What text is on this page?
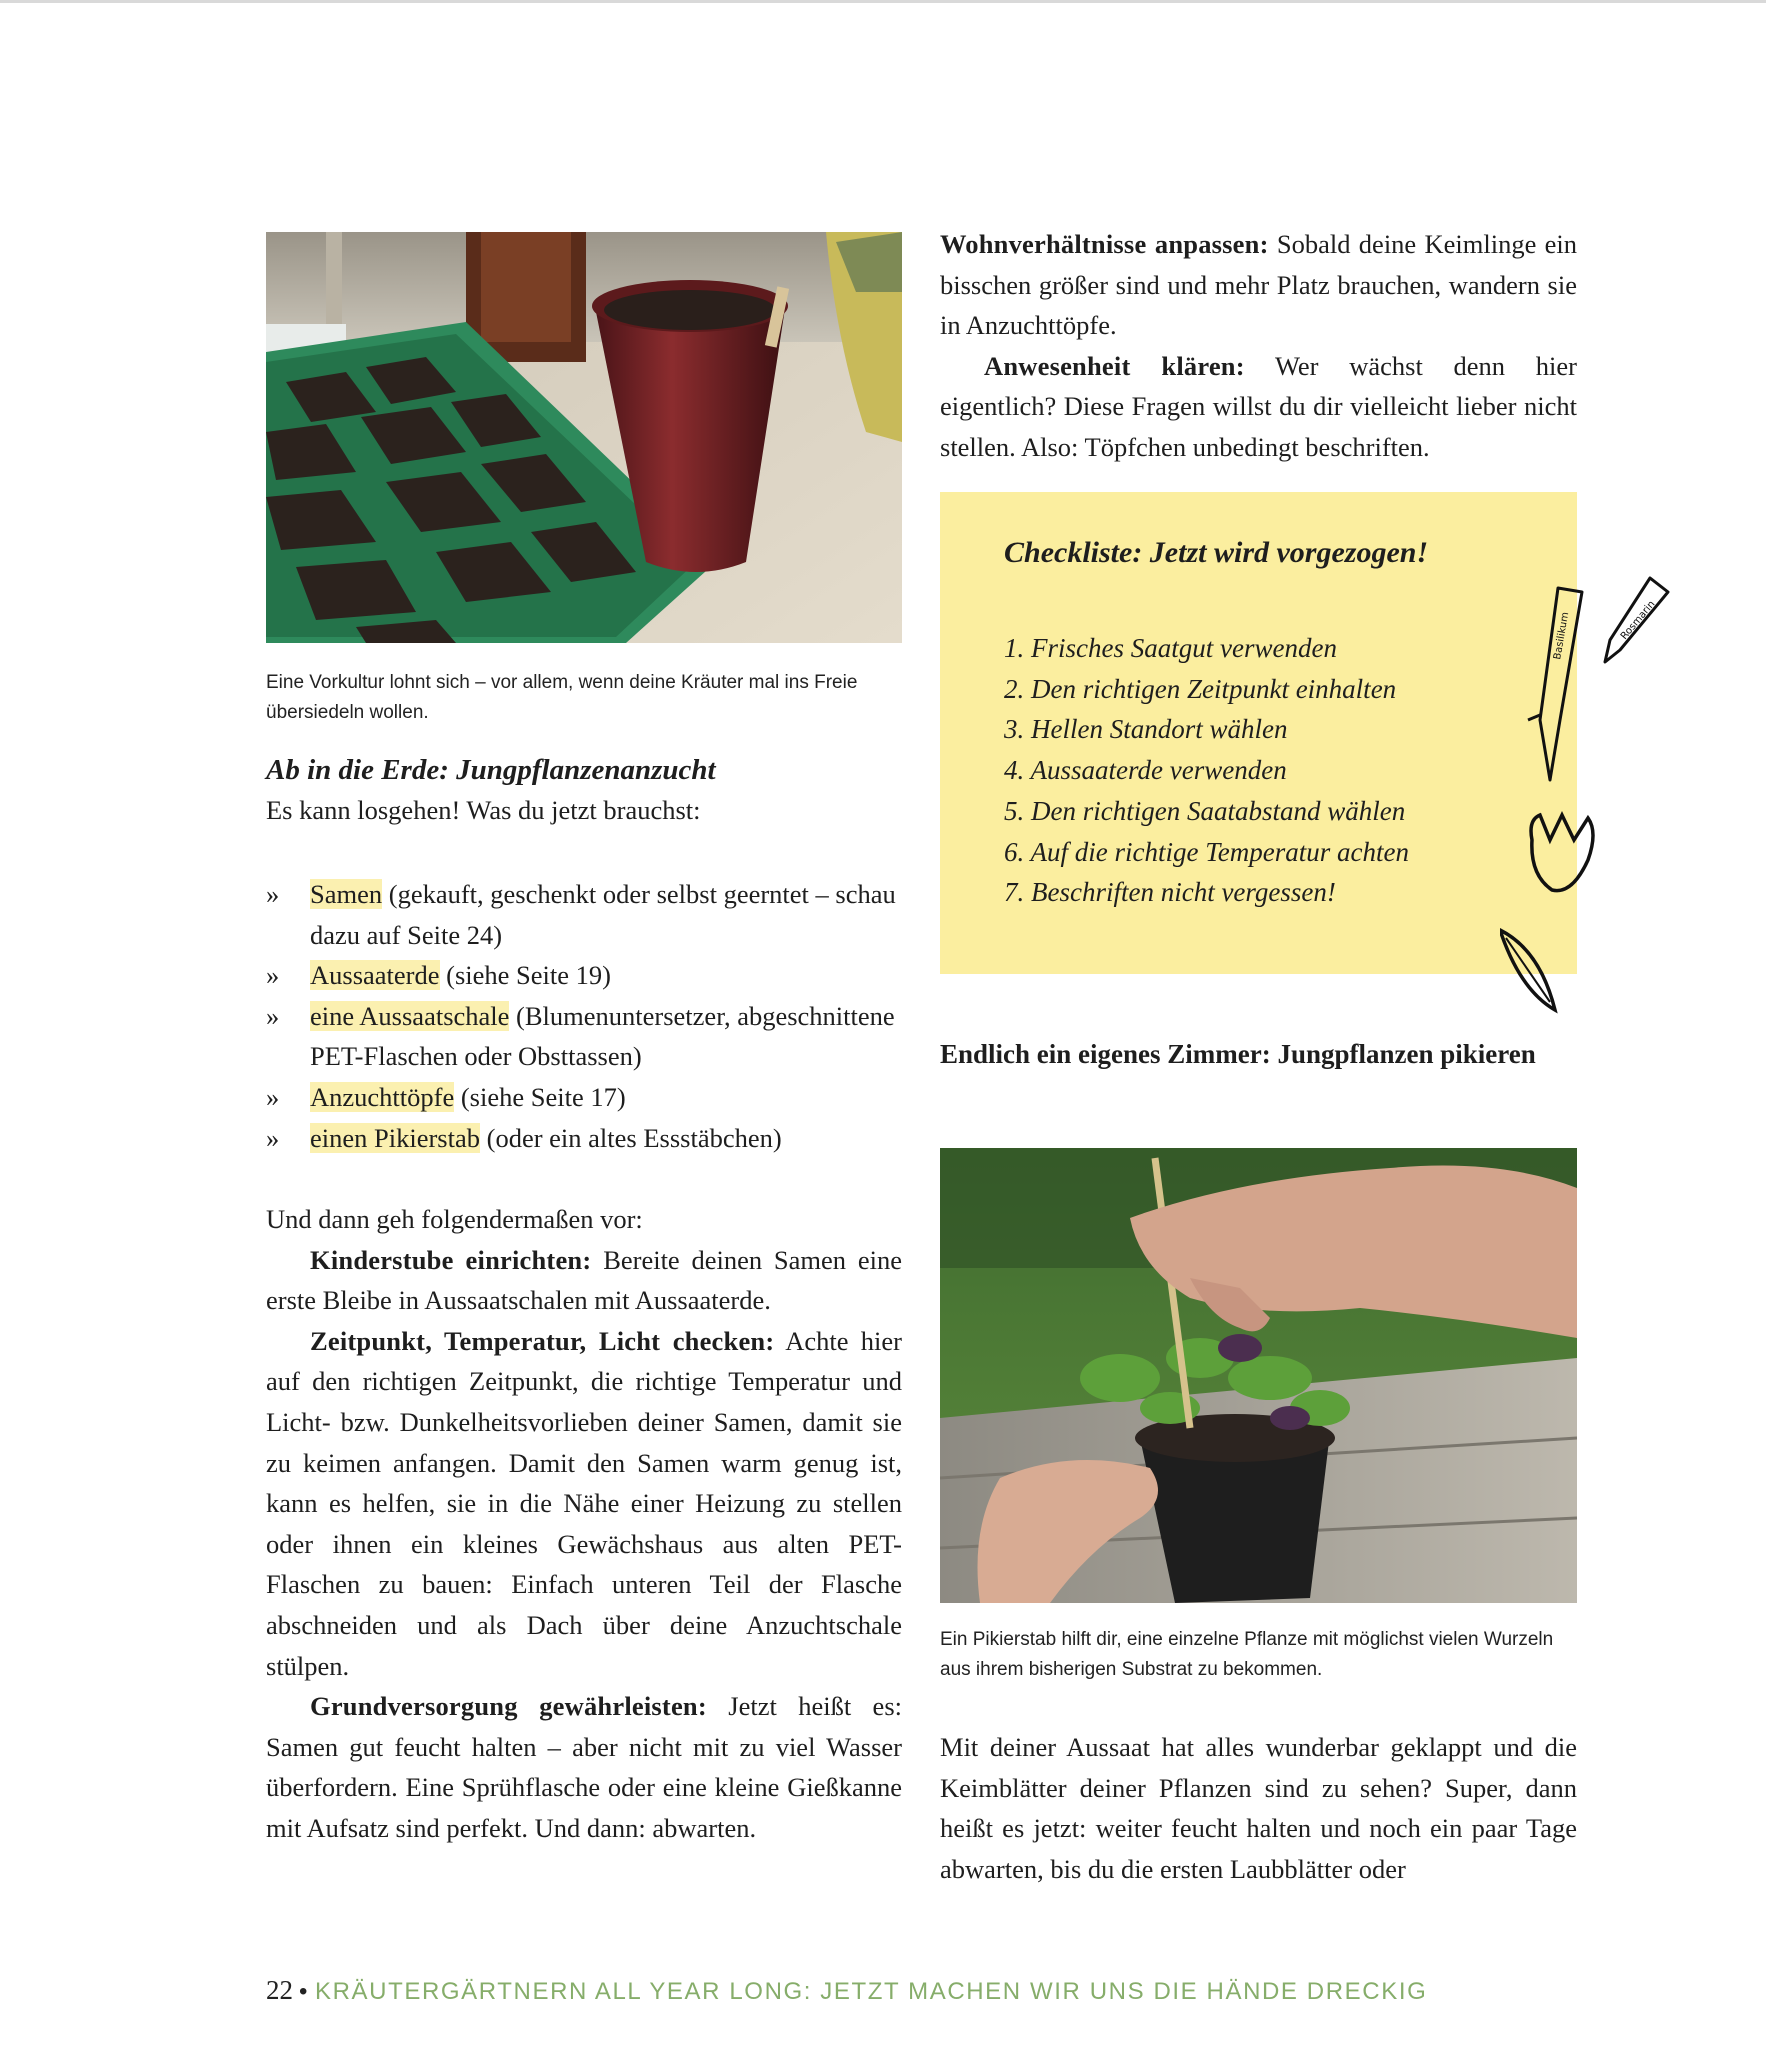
Eine Vorkultur lohnt sich – vor allem, wenn deine Kräuter mal ins Freie übersiedeln wollen.
Ab in die Erde: Jungpflanzenanzucht
Es kann losgehen! Was du jetzt brauchst:
» Samen (gekauft, geschenkt oder selbst geerntet – schau dazu auf Seite 24)
» Aussaaterde (siehe Seite 19)
» eine Aussaatschale (Blumenuntersetzer, abgeschnittene PET-Flaschen oder Obsttassen)
» Anzuchttöpfe (siehe Seite 17)
» einen Pikierstab (oder ein altes Essstäbchen)

Und dann geh folgendermaßen vor:

Kinderstube einrichten: Bereite deinen Samen eine erste Bleibe in Aussaatschalen mit Aussaaterde.

Zeitpunkt, Temperatur, Licht checken: Achte hier auf den richtigen Zeitpunkt, die richtige Temperatur und Licht- bzw. Dunkelheitsvorlieben deiner Samen, damit sie zu keimen anfangen. Damit den Samen warm genug ist, kann es helfen, sie in die Nähe einer Heizung zu stellen oder ihnen ein kleines Gewächshaus aus alten PET-Flaschen zu bauen: Einfach unteren Teil der Flasche abschneiden und als Dach über deine Anzuchtschale stülpen.

Grundversorgung gewährleisten: Jetzt heißt es: Samen gut feucht halten – aber nicht mit zu viel Wasser überfordern. Eine Sprühflasche oder eine kleine Gießkanne mit Aufsatz sind perfekt. Und dann: abwarten.

Wohnverhältnisse anpassen: Sobald deine Keimlinge ein bisschen größer sind und mehr Platz brauchen, wandern sie in Anzuchttöpfe.

Anwesenheit klären: Wer wächst denn hier eigentlich? Diese Fragen willst du dir vielleicht lieber nicht stellen. Also: Töpfchen unbedingt beschriften.

Checkliste: Jetzt wird vorgezogen!
1. Frisches Saatgut verwenden
2. Den richtigen Zeitpunkt einhalten
3. Hellen Standort wählen
4. Aussaaterde verwenden
5. Den richtigen Saatabstand wählen
6. Auf die richtige Temperatur achten
7. Beschriften nicht vergessen!
Basilikum	Rosmarin
Endlich ein eigenes Zimmer: Jungpflanzen pikieren
Ein Pikierstab hilft dir, eine einzelne Pflanze mit möglichst vielen Wurzeln aus ihrem bisherigen Substrat zu bekommen.
Mit deiner Aussaat hat alles wunderbar geklappt und die Keimblätter deiner Pflanzen sind zu sehen? Super, dann heißt es jetzt: weiter feucht halten und noch ein paar Tage abwarten, bis du die ersten Laubblätter oder
22 • KRÄUTERGÄRTNERN ALL YEAR LONG: JETZT MACHEN WIR UNS DIE HÄNDE DRECKIG
